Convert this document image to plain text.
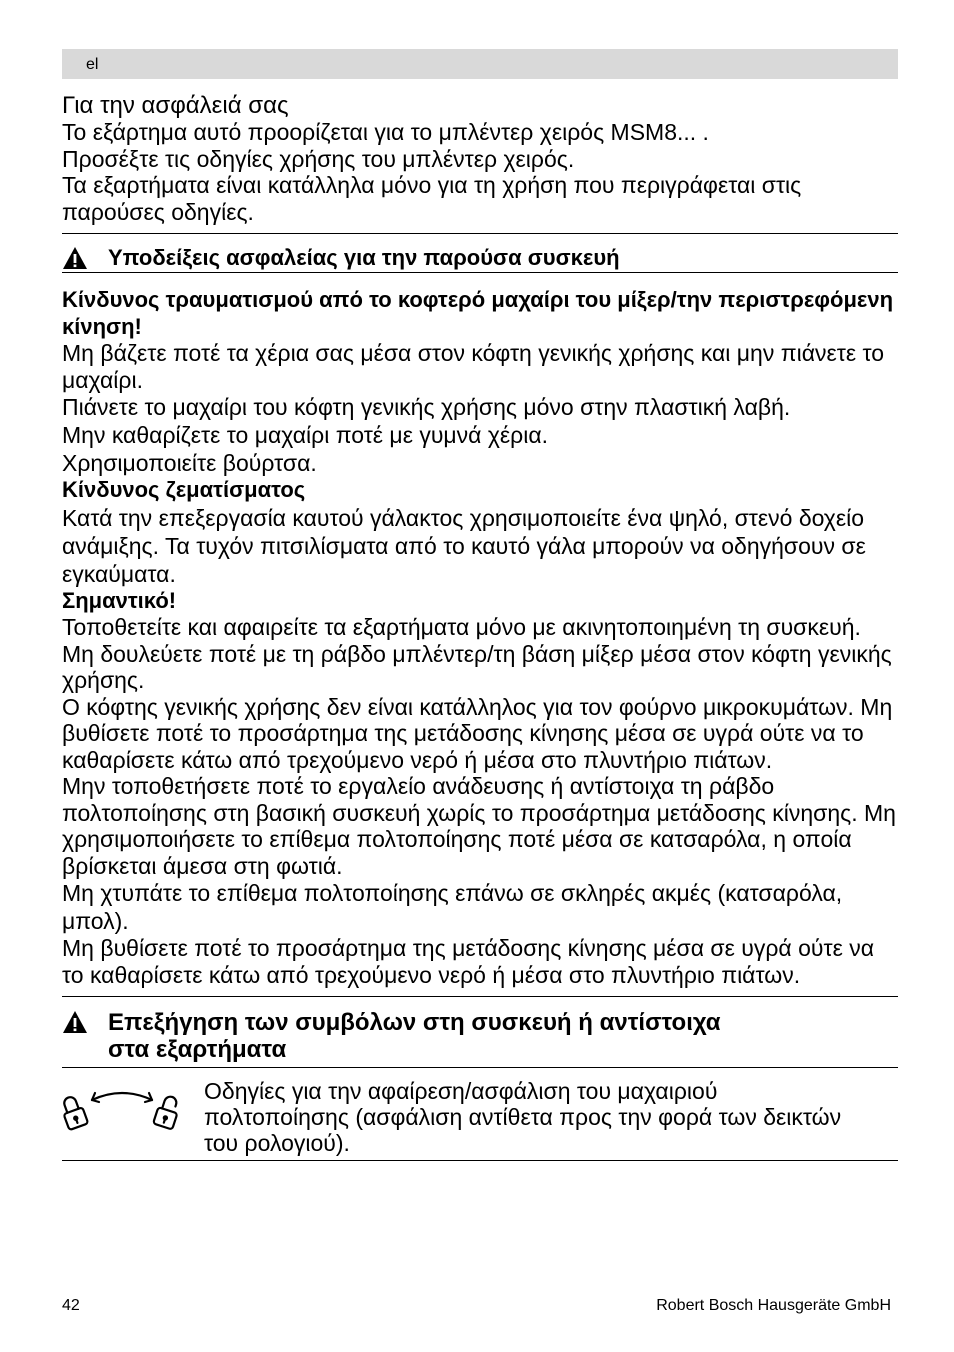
el
Για την ασφάλειά σας

Το εξάρτημα αυτό προορίζεται για το μπλέντερ χειρός MSM8... .

Προσέξτε τις οδηγίες χρήσης του μπλέντερ χειρός.

Τα εξαρτήματα είναι κατάλληλα μόνο για τη χρήση που περιγράφεται στις παρούσες οδηγίες.

Υποδείξεις ασφαλείας για την παρούσα συσκευή

Κίνδυνος τραυματισμού από το κοφτερό μαχαίρι του μίξερ/την περιστρεφόμενη κίνηση!

Μη βάζετε ποτέ τα χέρια σας μέσα στον κόφτη γενικής χρήσης και μην πιάνετε το μαχαίρι.

Πιάνετε το μαχαίρι του κόφτη γενικής χρήσης μόνο στην πλαστική λαβή.

Μην καθαρίζετε το μαχαίρι ποτέ με γυμνά χέρια.

Χρησιμοποιείτε βούρτσα.

Κίνδυνος ζεματίσματος

Κατά την επεξεργασία καυτού γάλακτος χρησιμοποιείτε ένα ψηλό, στενό δοχείο ανάμιξης. Τα τυχόν πιτσιλίσματα από το καυτό γάλα μπορούν να οδηγήσουν σε εγκαύματα.

Σημαντικό!

Τοποθετείτε και αφαιρείτε τα εξαρτήματα μόνο με ακινητοποιημένη τη συσκευή.

Μη δουλεύετε ποτέ με τη ράβδο μπλέντερ/τη βάση μίξερ μέσα στον κόφτη γενικής χρήσης.

Ο κόφτης γενικής χρήσης δεν είναι κατάλληλος για τον φούρνο μικροκυμάτων. Μη βυθίσετε ποτέ το προσάρτημα της μετάδοσης κίνησης μέσα σε υγρά ούτε να το καθαρίσετε κάτω από τρεχούμενο νερό ή μέσα στο πλυντήριο πιάτων.

Μην τοποθετήσετε ποτέ το εργαλείο ανάδευσης ή αντίστοιχα τη ράβδο πολτοποίησης στη βασική συσκευή χωρίς το προσάρτημα μετάδοσης κίνησης. Μη χρησιμοποιήσετε το επίθεμα πολτοποίησης ποτέ μέσα σε κατσαρόλα, η οποία βρίσκεται άμεσα στη φωτιά.

Μη χτυπάτε το επίθεμα πολτοποίησης επάνω σε σκληρές ακμές (κατσαρόλα, μπολ).

Μη βυθίσετε ποτέ το προσάρτημα της μετάδοσης κίνησης μέσα σε υγρά ούτε να το καθαρίσετε κάτω από τρεχούμενο νερό ή μέσα στο πλυντήριο πιάτων.

Επεξήγηση των συμβόλων στη συσκευή ή αντίστοιχα
στα εξαρτήματα
Οδηγίες για την αφαίρεση/ασφάλιση του μαχαιριού πολτοποίησης (ασφάλιση αντίθετα προς την φορά των δεικτών του ρολογιού).
42	Robert Bosch Hausgeräte GmbH
